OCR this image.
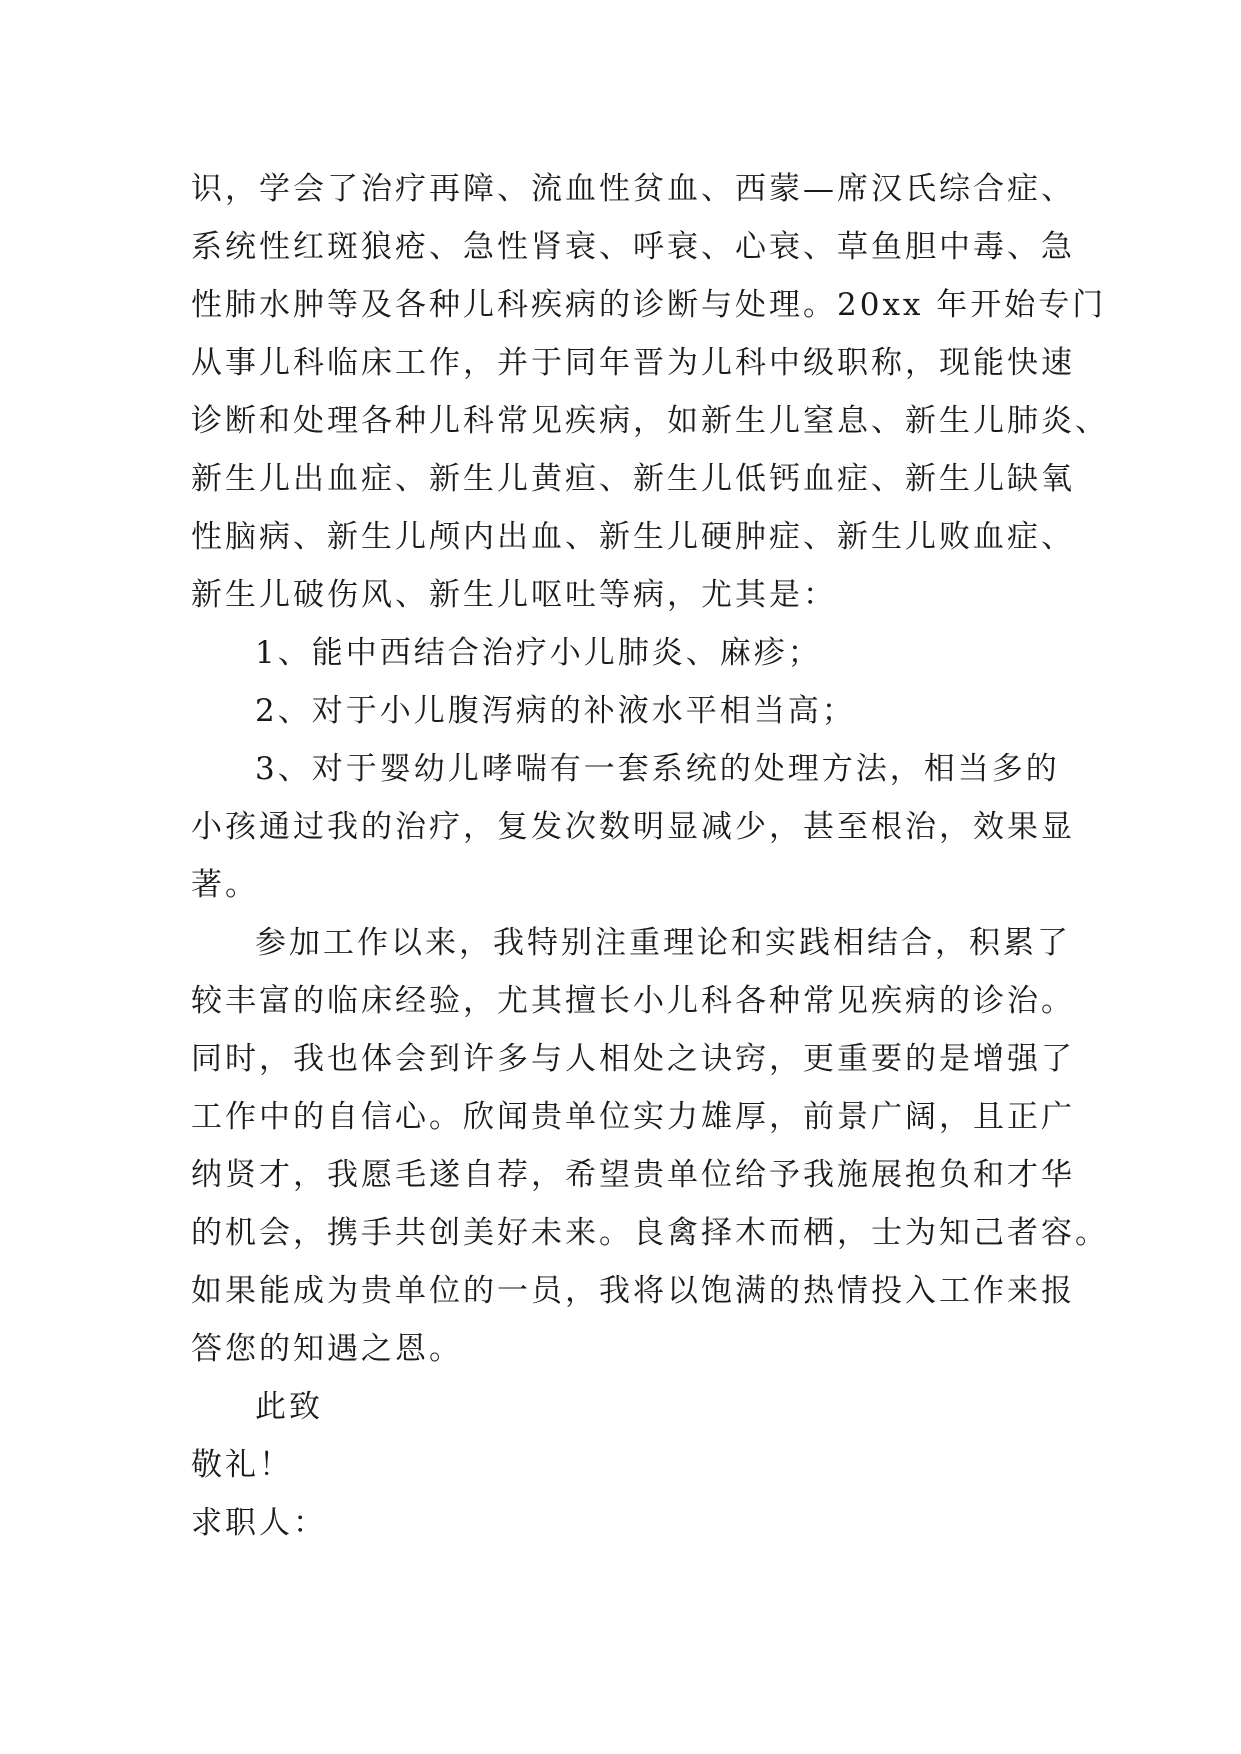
识，学会了治疗再障、流血性贫血、西蒙—席汉氏综合症、
系统性红斑狼疮、急性肾衰、呼衰、心衰、草鱼胆中毒、急
性肺水肿等及各种儿科疾病的诊断与处理。20xx 年开始专门
从事儿科临床工作，并于同年晋为儿科中级职称，现能快速
诊断和处理各种儿科常见疾病，如新生儿窒息、新生儿肺炎、
新生儿出血症、新生儿黄疸、新生儿低钙血症、新生儿缺氧
性脑病、新生儿颅内出血、新生儿硬肿症、新生儿败血症、
新生儿破伤风、新生儿呕吐等病，尤其是：
1、能中西结合治疗小儿肺炎、麻疹；
2、对于小儿腹泻病的补液水平相当高；
3、对于婴幼儿哮喘有一套系统的处理方法，相当多的
小孩通过我的治疗，复发次数明显减少，甚至根治，效果显
著。
参加工作以来，我特别注重理论和实践相结合，积累了
较丰富的临床经验，尤其擅长小儿科各种常见疾病的诊治。
同时，我也体会到许多与人相处之诀窍，更重要的是增强了
工作中的自信心。欣闻贵单位实力雄厚，前景广阔，且正广
纳贤才，我愿毛遂自荐，希望贵单位给予我施展抱负和才华
的机会，携手共创美好未来。良禽择木而栖，士为知己者容。
如果能成为贵单位的一员，我将以饱满的热情投入工作来报
答您的知遇之恩。
此致
敬礼！
求职人：
